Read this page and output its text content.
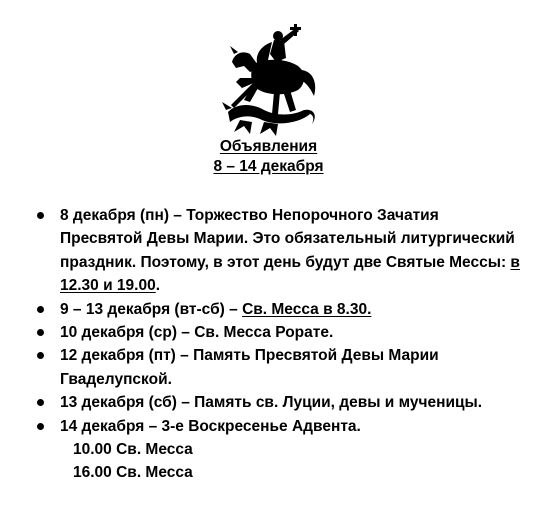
Объявления
8 – 14 декабря
8 декабря (пн) – Торжество Непорочного Зачатия Пресвятой Девы Марии. Это обязательный литургический праздник. Поэтому, в этот день будут две Святые Мессы: в 12.30 и 19.00.
9 – 13 декабря (вт-сб) – Св. Месса в 8.30.
10 декабря (ср) – Св. Месса Рорате.
12 декабря (пт) – Память Пресвятой Девы Марии Гваделупской.
13 декабря (сб) – Память св. Луции, девы и мученицы.
14 декабря – 3-е Воскресенье Адвента.
10.00 Св. Месса
16.00 Св. Месса
